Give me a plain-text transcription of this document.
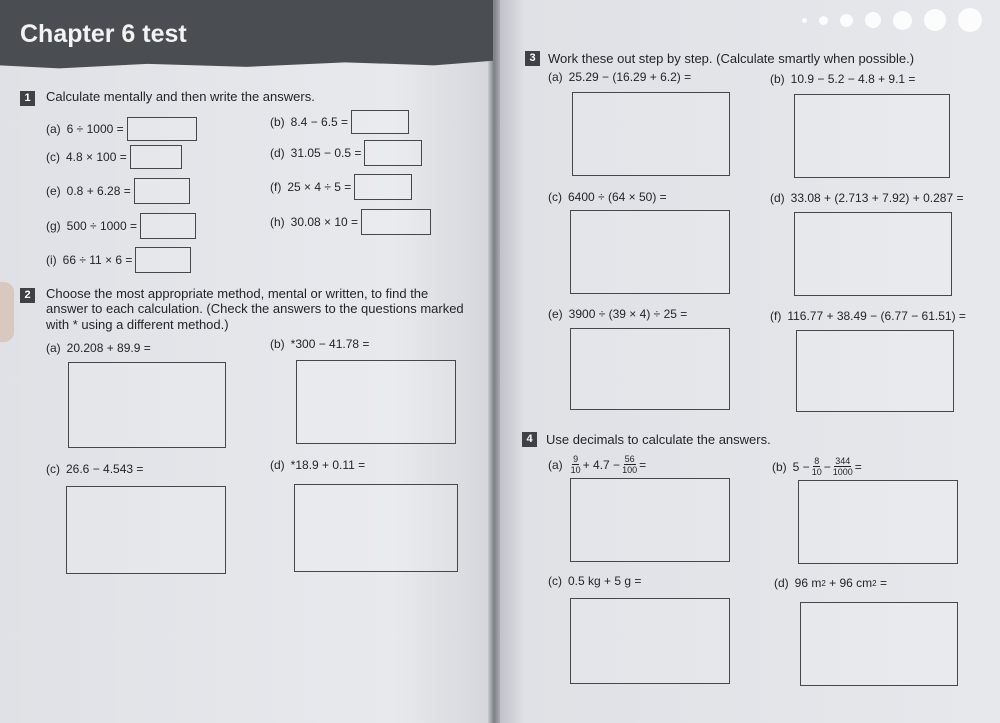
Chapter 6 test
1	Calculate mentally and then write the answers.
(a) 6 ÷ 1000 =	(b) 8.4 − 6.5 =
(c) 4.8 × 100 =	(d) 31.05 − 0.5 =
(e) 0.8 + 6.28 =	(f) 25 × 4 ÷ 5 =
(g) 500 ÷ 1000 =	(h) 30.08 × 10 =
(i) 66 ÷ 11 × 6 =
2	Choose the most appropriate method, mental or written, to find the
answer to each calculation. (Check the answers to the questions marked
with * using a different method.)
(a) 20.208 + 89.9 =	(b) *300 − 41.78 =
(c) 26.6 − 4.543 =	(d) *18.9 + 0.11 =
3 Work these out step by step. (Calculate smartly when possible.)
(a) 25.29 − (16.29 + 6.2) =	(b) 10.9 − 5.2 − 4.8 + 9.1 =
(c) 6400 ÷ (64 × 50) =	(d) 33.08 + (2.713 + 7.92) + 0.287 =
(e) 3900 ÷ (39 × 4) ÷ 25 =	(f) 116.77 + 38.49 − (6.77 − 61.51) =
4	Use decimals to calculate the answers.
$(a) \frac{9}{10} + 4.7 - \frac{56}{100}$ =	(b) $5 - \frac{8}{10} - \frac{344}{1000}$ =
(c) 0.5 kg + 5 g =	(d) 96 m 2 + 96 cm 2 =
